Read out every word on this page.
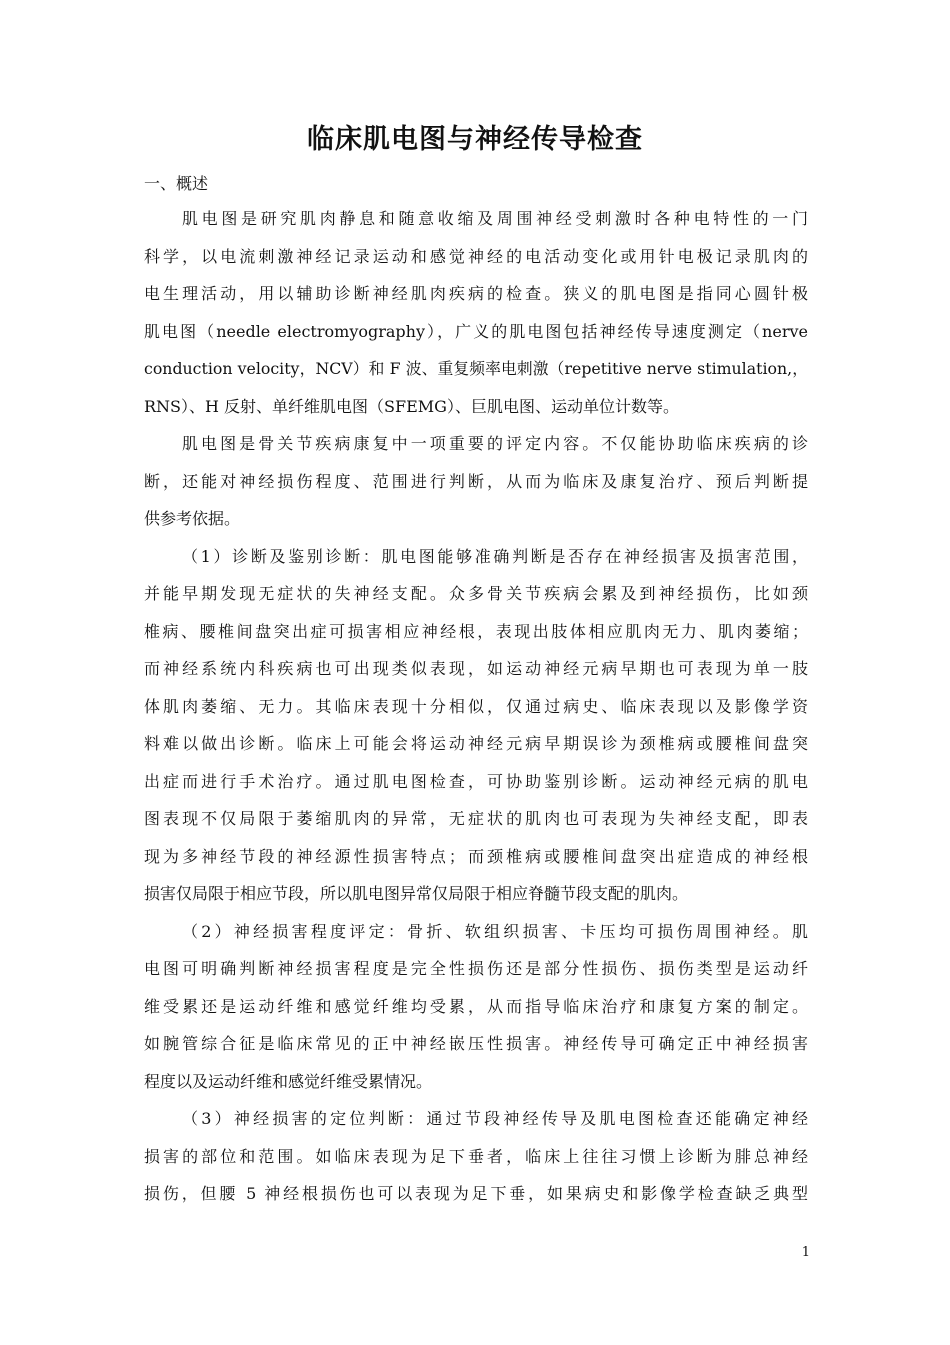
临床肌电图与神经传导检查
一、概述
肌电图是研究肌肉静息和随意收缩及周围神经受刺激时各种电特性的一门
科学，以电流刺激神经记录运动和感觉神经的电活动变化或用针电极记录肌肉的
电生理活动，用以辅助诊断神经肌肉疾病的检查。狭义的肌电图是指同心圆针极
肌电图（needle electromyography），广义的肌电图包括神经传导速度测定（nerve
conduction velocity，NCV）和 F 波、重复频率电刺激（repetitive nerve stimulation,，
RNS）、H 反射、单纤维肌电图（SFEMG）、巨肌电图、运动单位计数等。
肌电图是骨关节疾病康复中一项重要的评定内容。不仅能协助临床疾病的诊
断，还能对神经损伤程度、范围进行判断，从而为临床及康复治疗、预后判断提
供参考依据。
（1）诊断及鉴别诊断：肌电图能够准确判断是否存在神经损害及损害范围，
并能早期发现无症状的失神经支配。众多骨关节疾病会累及到神经损伤，比如颈
椎病、腰椎间盘突出症可损害相应神经根，表现出肢体相应肌肉无力、肌肉萎缩；
而神经系统内科疾病也可出现类似表现，如运动神经元病早期也可表现为单一肢
体肌肉萎缩、无力。其临床表现十分相似，仅通过病史、临床表现以及影像学资
料难以做出诊断。临床上可能会将运动神经元病早期误诊为颈椎病或腰椎间盘突
出症而进行手术治疗。通过肌电图检查，可协助鉴别诊断。运动神经元病的肌电
图表现不仅局限于萎缩肌肉的异常，无症状的肌肉也可表现为失神经支配，即表
现为多神经节段的神经源性损害特点；而颈椎病或腰椎间盘突出症造成的神经根
损害仅局限于相应节段，所以肌电图异常仅局限于相应脊髓节段支配的肌肉。
（2）神经损害程度评定：骨折、软组织损害、卡压均可损伤周围神经。肌
电图可明确判断神经损害程度是完全性损伤还是部分性损伤、损伤类型是运动纤
维受累还是运动纤维和感觉纤维均受累，从而指导临床治疗和康复方案的制定。
如腕管综合征是临床常见的正中神经嵌压性损害。神经传导可确定正中神经损害
程度以及运动纤维和感觉纤维受累情况。
（3）神经损害的定位判断：通过节段神经传导及肌电图检查还能确定神经
损害的部位和范围。如临床表现为足下垂者，临床上往往习惯上诊断为腓总神经
损伤，但腰 5 神经根损伤也可以表现为足下垂，如果病史和影像学检查缺乏典型
1
